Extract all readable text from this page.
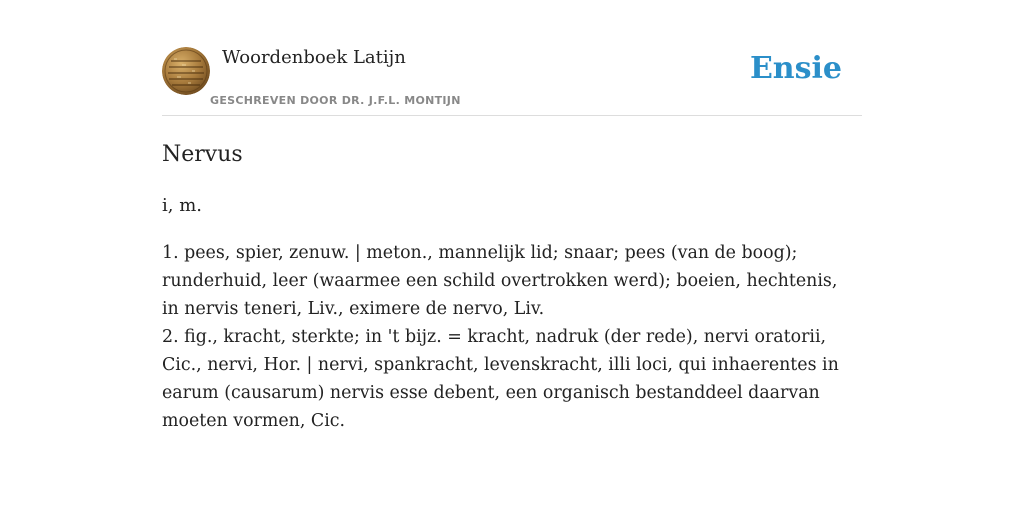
Woordenboek Latijn
GESCHREVEN DOOR DR. J.F.L. MONTIJN
Ensie
Nervus
i, m.

1. pees, spier, zenuw. | meton., mannelijk lid; snaar; pees (van de boog); runderhuid, leer (waarmee een schild overtrokken werd); boeien, hechtenis, in nervis teneri, Liv., eximere de nervo, Liv.

2. fig., kracht, sterkte; in 't bijz. = kracht, nadruk (der rede), nervi oratorii, Cic., nervi, Hor. | nervi, spankracht, levenskracht, illi loci, qui inhaerentes in earum (causarum) nervis esse debent, een organisch bestanddeel daarvan moeten vormen, Cic.
